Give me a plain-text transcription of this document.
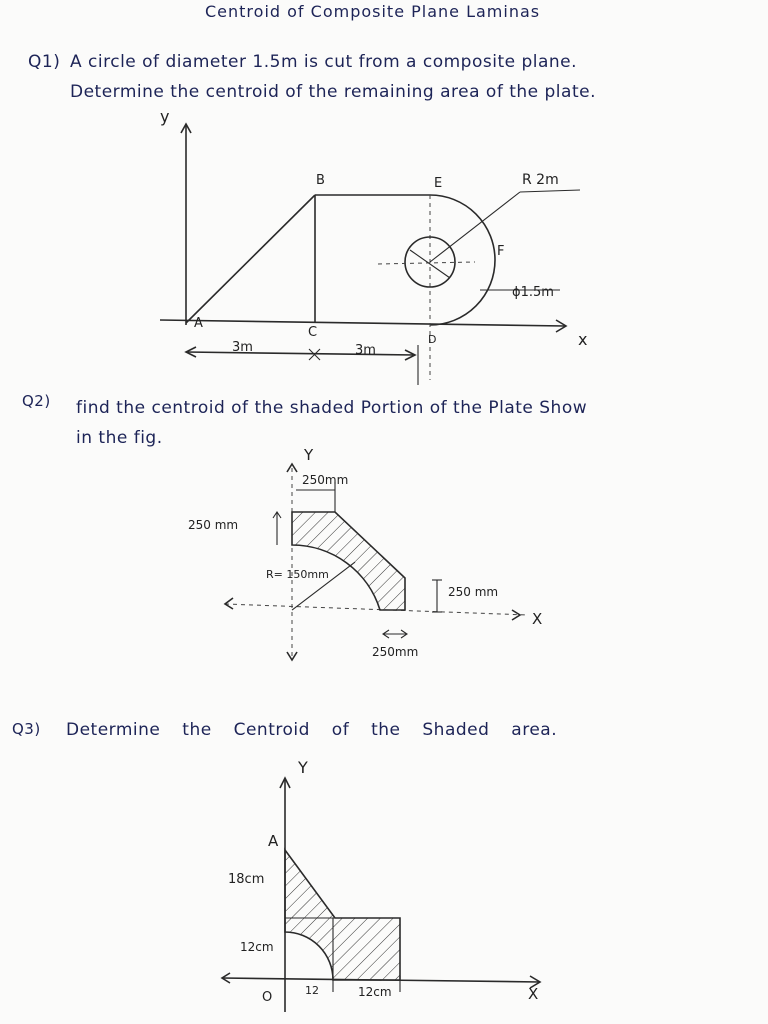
Centroid of Composite Plane Laminas
Q1) A circle of diameter 1.5m is cut from a composite plane.
Determine the centroid of the remaining area of the plate.
y
x
A
B
C	D
E
F
R 2m
ϕ1.5m
3m	3m
Q2) find the centroid of the shaded Portion of the Plate Show
in the fig.
Y
X
250mm
250 mm
R= 150mm
250 mm
250mm
Q3) Determine the Centroid of the Shaded area.
Y
X
A
18cm
12cm
O	12	12cm
